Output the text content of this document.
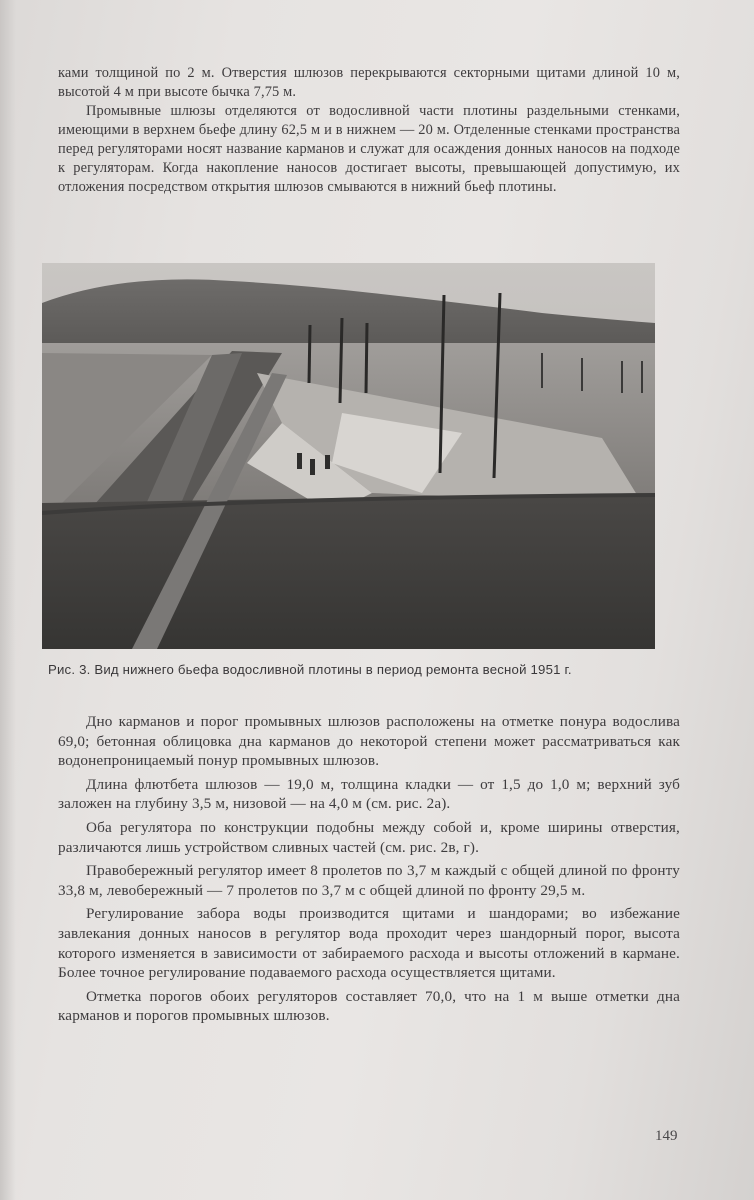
ками толщиной по 2 м. Отверстия шлюзов перекрываются секторными щитами длиной 10 м, высотой 4 м при высоте бычка 7,75 м.

Промывные шлюзы отделяются от водосливной части плотины раздельными стенками, имеющими в верхнем бьефе длину 62,5 м и в нижнем — 20 м. Отделенные стенками пространства перед регуляторами носят название карманов и служат для осаждения донных наносов на подходе к регуляторам. Когда накопление наносов достигает высоты, превышающей допустимую, их отложения посредством открытия шлюзов смываются в нижний бьеф плотины.

Рис. 3. Вид нижнего бьефа водосливной плотины в период ремонта весной 1951 г.

Дно карманов и порог промывных шлюзов расположены на отметке понура водослива 69,0; бетонная облицовка дна карманов до некоторой степени может рассматриваться как водонепроницаемый понур промывных шлюзов.

Длина флютбета шлюзов — 19,0 м, толщина кладки — от 1,5 до 1,0 м; верхний зуб заложен на глубину 3,5 м, низовой — на 4,0 м (см. рис. 2а).

Оба регулятора по конструкции подобны между собой и, кроме ширины отверстия, различаются лишь устройством сливных частей (см. рис. 2в, г).

Правобережный регулятор имеет 8 пролетов по 3,7 м каждый с общей длиной по фронту 33,8 м, левобережный — 7 пролетов по 3,7 м с общей длиной по фронту 29,5 м.

Регулирование забора воды производится щитами и шандорами; во избежание завлекания донных наносов в регулятор вода проходит через шандорный порог, высота которого изменяется в зависимости от забираемого расхода и высоты отложений в кармане. Более точное регулирование подаваемого расхода осуществляется щитами.

Отметка порогов обоих регуляторов составляет 70,0, что на 1 м выше отметки дна карманов и порогов промывных шлюзов.

149
